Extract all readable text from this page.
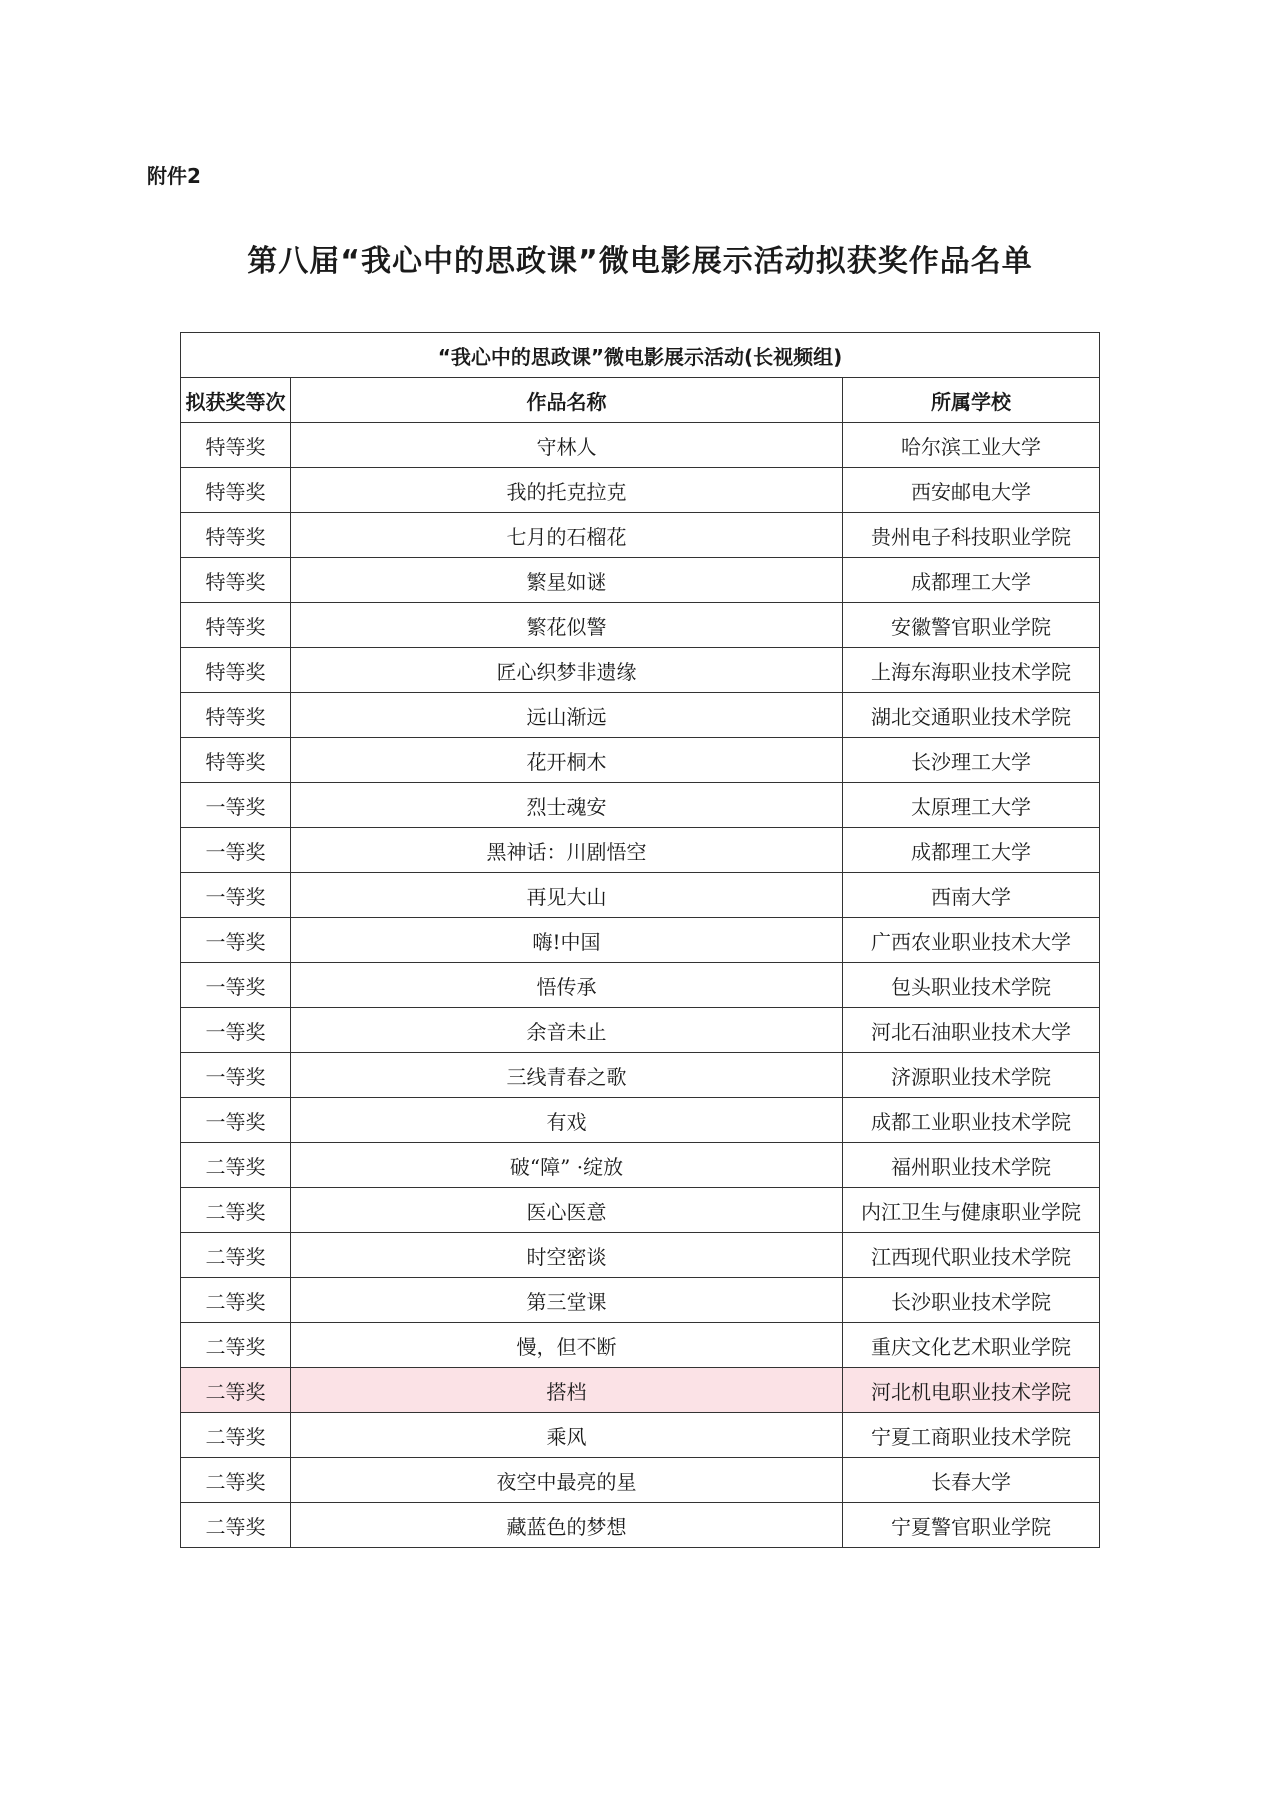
附件2
第八届“我心中的思政课”微电影展示活动拟获奖作品名单
“我心中的思政课”微电影展示活动(长视频组)		
拟获奖等次	作品名称	所属学校
特等奖	守林人	哈尔滨工业大学
特等奖	我的托克拉克	西安邮电大学
特等奖	七月的石榴花	贵州电子科技职业学院
特等奖	繁星如谜	成都理工大学
特等奖	繁花似警	安徽警官职业学院
特等奖	匠心织梦非遗缘	上海东海职业技术学院
特等奖	远山渐远	湖北交通职业技术学院
特等奖	花开桐木	长沙理工大学
一等奖	烈士魂安	太原理工大学
一等奖	黑神话：川剧悟空	成都理工大学
一等奖	再见大山	西南大学
一等奖	嗨!中国	广西农业职业技术大学
一等奖	悟传承	包头职业技术学院
一等奖	余音未止	河北石油职业技术大学
一等奖	三线青春之歌	济源职业技术学院
一等奖	有戏	成都工业职业技术学院
二等奖	破“障” ·绽放	福州职业技术学院
二等奖	医心医意	内江卫生与健康职业学院
二等奖	时空密谈	江西现代职业技术学院
二等奖	第三堂课	长沙职业技术学院
二等奖	慢，但不断	重庆文化艺术职业学院
二等奖	搭档	河北机电职业技术学院
二等奖	乘风	宁夏工商职业技术学院
二等奖	夜空中最亮的星	长春大学
二等奖	藏蓝色的梦想	宁夏警官职业学院
